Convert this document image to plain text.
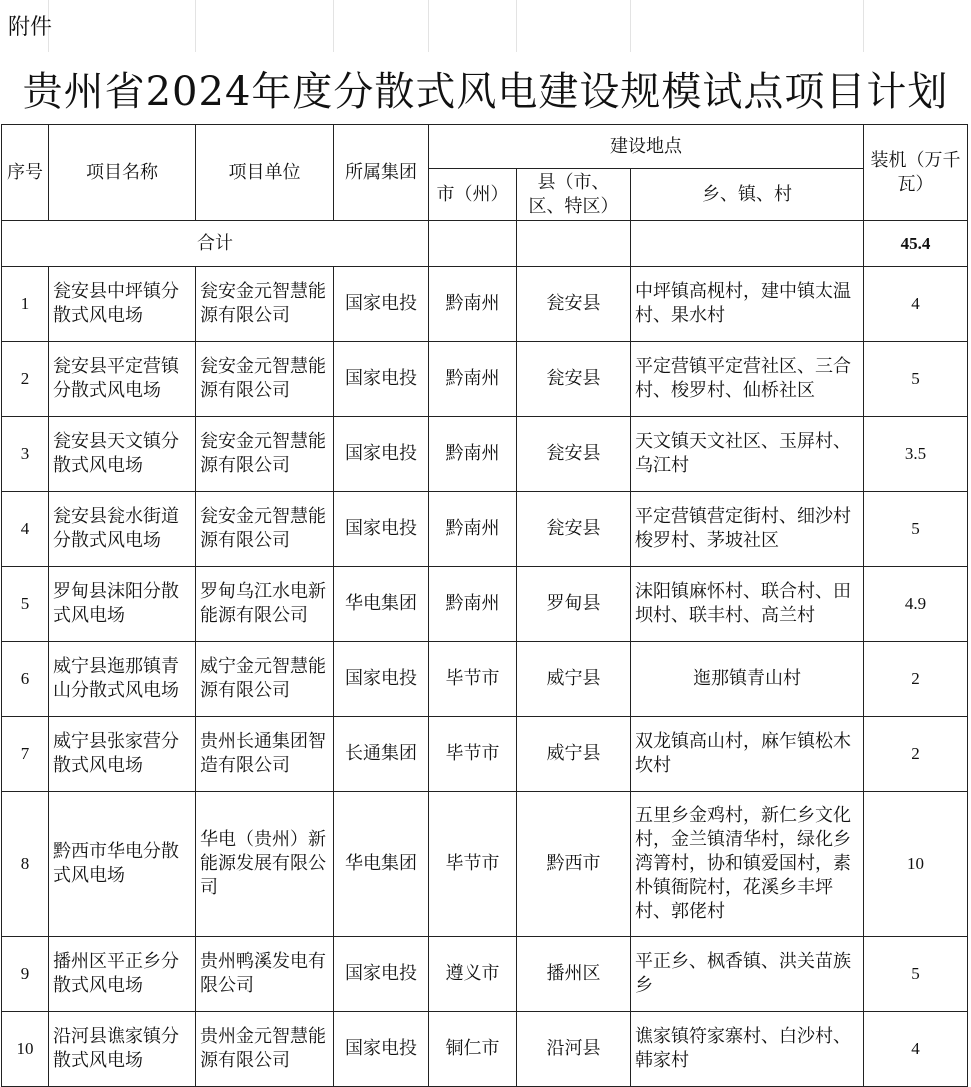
附件
贵州省2024年度分散式风电建设规模试点项目计划
序号	项目名称	项目单位	所属集团	建设地点			装机（万千瓦）
				市（州）	县（市、区、特区）	乡、镇、村	
合计							45.4
1	瓮安县中坪镇分散式风电场	瓮安金元智慧能源有限公司	国家电投	黔南州	瓮安县	中坪镇高枧村，建中镇太温村、果水村	4
2	瓮安县平定营镇分散式风电场	瓮安金元智慧能源有限公司	国家电投	黔南州	瓮安县	平定营镇平定营社区、三合村、梭罗村、仙桥社区	5
3	瓮安县天文镇分散式风电场	瓮安金元智慧能源有限公司	国家电投	黔南州	瓮安县	天文镇天文社区、玉屏村、乌江村	3.5
4	瓮安县瓮水街道分散式风电场	瓮安金元智慧能源有限公司	国家电投	黔南州	瓮安县	平定营镇营定街村、细沙村梭罗村、茅坡社区	5
5	罗甸县沫阳分散式风电场	罗甸乌江水电新能源有限公司	华电集团	黔南州	罗甸县	沫阳镇麻怀村、联合村、田坝村、联丰村、高兰村	4.9
6	威宁县迤那镇青山分散式风电场	威宁金元智慧能源有限公司	国家电投	毕节市	威宁县	迤那镇青山村	2
7	威宁县张家营分散式风电场	贵州长通集团智造有限公司	长通集团	毕节市	威宁县	双龙镇高山村，麻乍镇松木坎村	2
8	黔西市华电分散式风电场	华电（贵州）新能源发展有限公司	华电集团	毕节市	黔西市	五里乡金鸡村，新仁乡文化村，金兰镇清华村，绿化乡湾箐村，协和镇爱国村，素朴镇衙院村，花溪乡丰坪村、郭佬村	10
9	播州区平正乡分散式风电场	贵州鸭溪发电有限公司	国家电投	遵义市	播州区	平正乡、枫香镇、洪关苗族乡	5
10	沿河县谯家镇分散式风电场	贵州金元智慧能源有限公司	国家电投	铜仁市	沿河县	谯家镇符家寨村、白沙村、韩家村	4
